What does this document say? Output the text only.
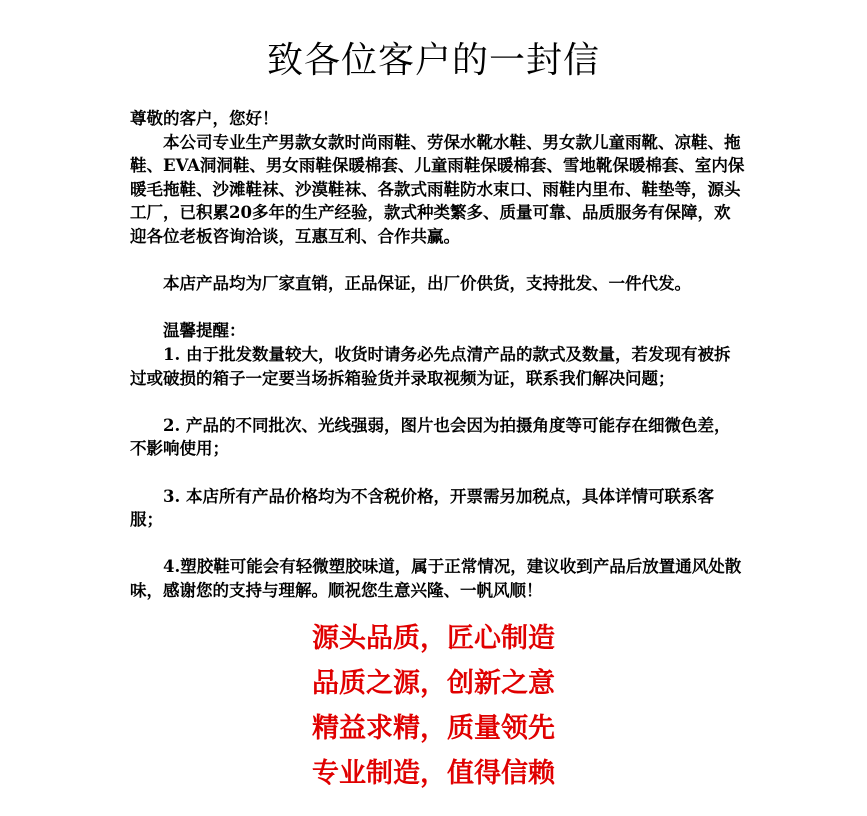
致各位客户的一封信

尊敬的客户，您好！

本公司专业生产男款女款时尚雨鞋、劳保水靴水鞋、男女款儿童雨靴、凉鞋、拖鞋、EVA洞洞鞋、男女雨鞋保暖棉套、儿童雨鞋保暖棉套、雪地靴保暖棉套、室内保暖毛拖鞋、沙滩鞋袜、沙漠鞋袜、各款式雨鞋防水束口、雨鞋内里布、鞋垫等，源头工厂，已积累20多年的生产经验，款式种类繁多、质量可靠、品质服务有保障，欢迎各位老板咨询洽谈，互惠互利、合作共赢。

本店产品均为厂家直销，正品保证，出厂价供货，支持批发、一件代发。

温馨提醒：

1. 由于批发数量较大，收货时请务必先点清产品的款式及数量，若发现有被拆过或破损的箱子一定要当场拆箱验货并录取视频为证，联系我们解决问题；

2. 产品的不同批次、光线强弱，图片也会因为拍摄角度等可能存在细微色差，不影响使用；

3. 本店所有产品价格均为不含税价格，开票需另加税点，具体详情可联系客服；

4.塑胶鞋可能会有轻微塑胶味道，属于正常情况，建议收到产品后放置通风处散味，感谢您的支持与理解。顺祝您生意兴隆、一帆风顺！

源头品质，匠心制造
品质之源，创新之意
精益求精，质量领先
专业制造，值得信赖
